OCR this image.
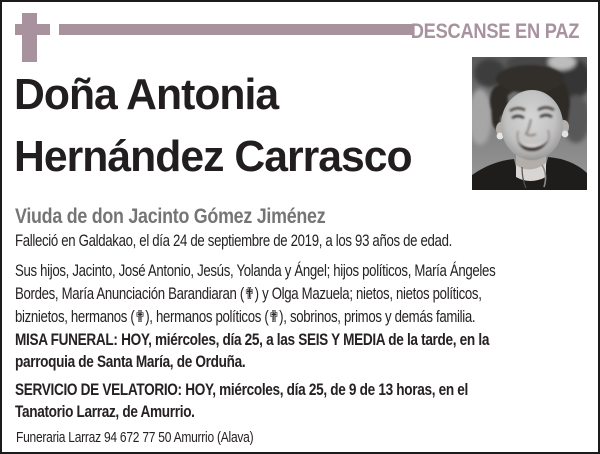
DESCANSE EN PAZ
Doña Antonia
Hernández Carrasco
Viuda de don Jacinto Gómez Jiménez
Falleció en Galdakao, el día 24 de septiembre de 2019, a los 93 años de edad.
Sus hijos, Jacinto, José Antonio, Jesús, Yolanda y Ángel; hijos políticos, María Ángeles
Bordes, María Anunciación Barandiaran (✟) y Olga Mazuela; nietos, nietos políticos,
biznietos, hermanos (✟), hermanos políticos (✟), sobrinos, primos y demás familia.
MISA FUNERAL: HOY, miércoles, día 25, a las SEIS Y MEDIA de la tarde, en la
parroquia de Santa María, de Orduña.
SERVICIO DE VELATORIO: HOY, miércoles, día 25, de 9 de 13 horas, en el
Tanatorio Larraz, de Amurrio.
Funeraria Larraz 94 672 77 50 Amurrio (Alava)
